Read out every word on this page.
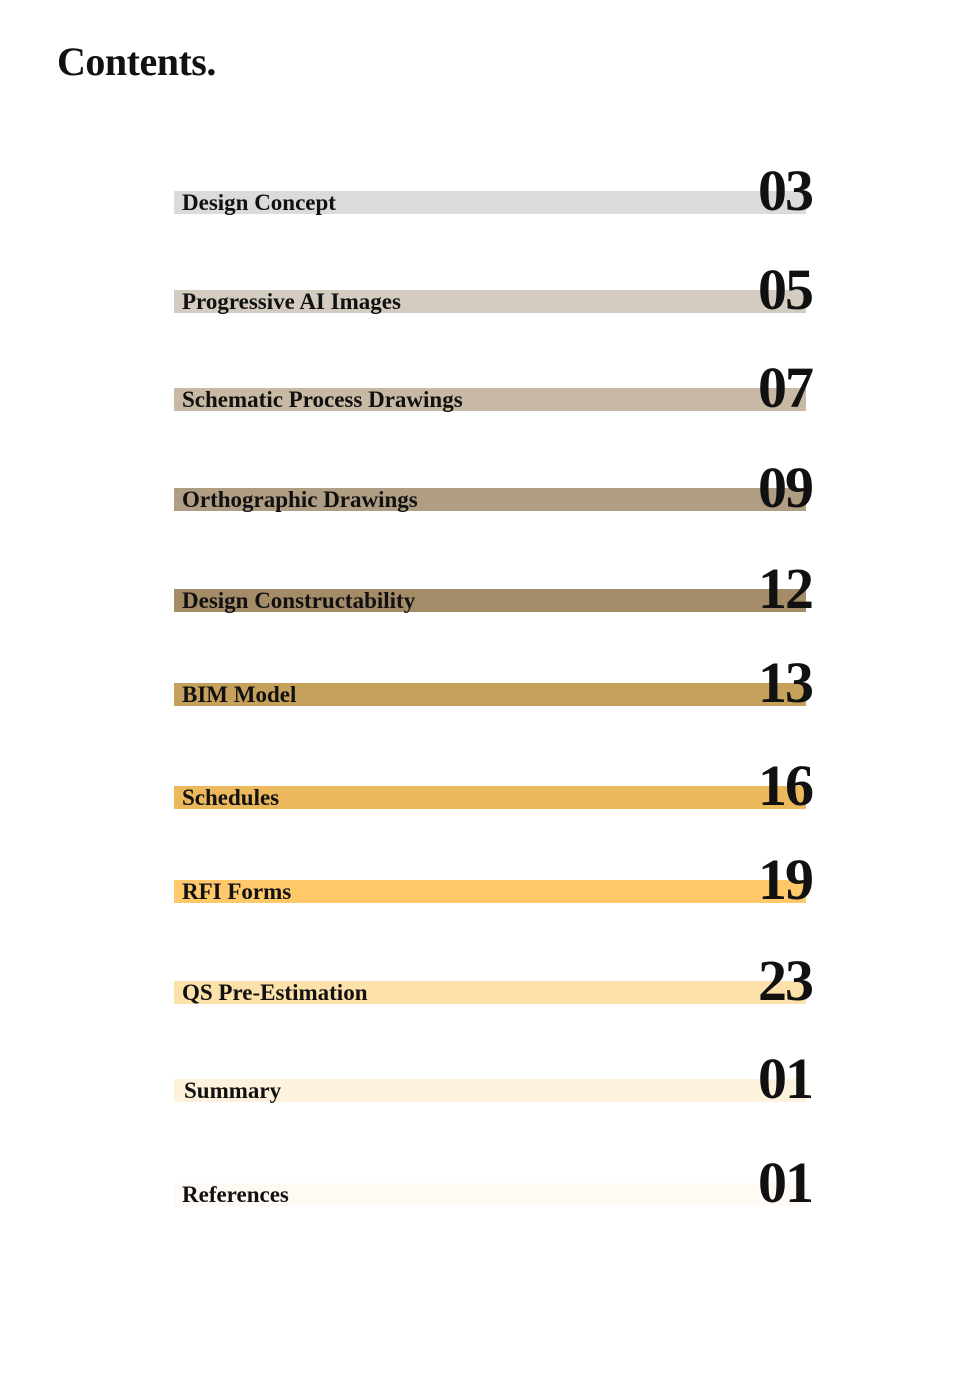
Contents.
Design Concept	03
Progressive AI Images	05
Schematic Process Drawings	07
Orthographic Drawings	09
Design Constructability	12
BIM Model	13
Schedules	16
RFI Forms	19
QS Pre-Estimation	23
Summary	01
References	01
